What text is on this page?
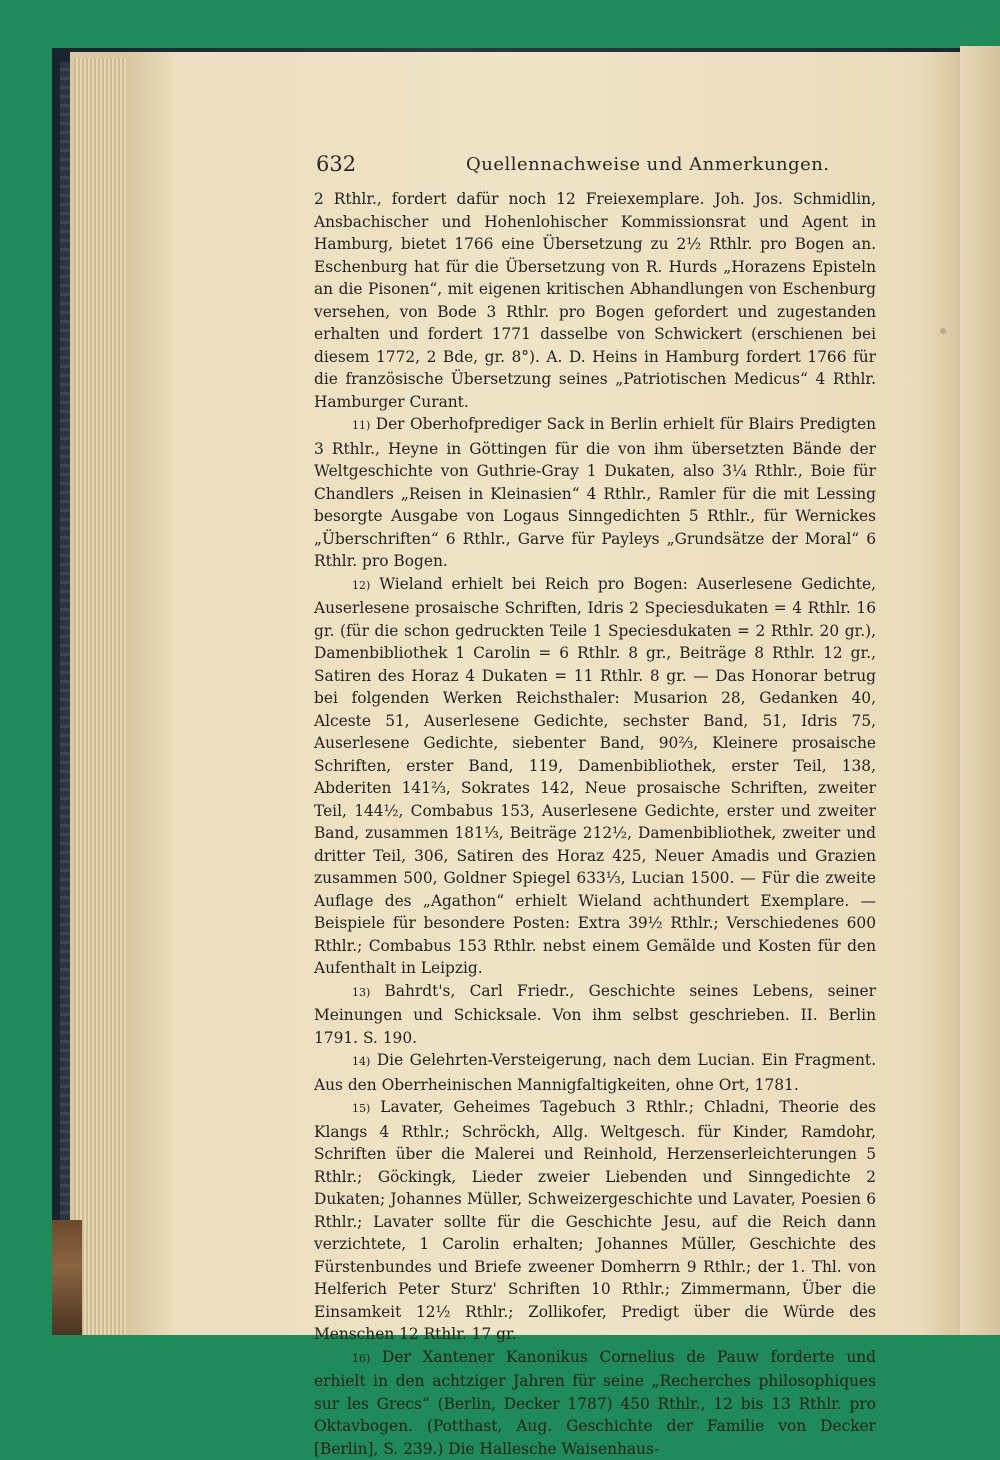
632	Quellennachweise und Anmerkungen.

2 Rthlr., fordert dafür noch 12 Freiexemplare. Joh. Jos. Schmidlin, Ansbachischer und Hohenlohischer Kommissionsrat und Agent in Hamburg, bietet 1766 eine Übersetzung zu 2½ Rthlr. pro Bogen an. Eschenburg hat für die Übersetzung von R. Hurds „Horazens Episteln an die Pisonen“, mit eigenen kritischen Abhandlungen von Eschenburg versehen, von Bode 3 Rthlr. pro Bogen gefordert und zugestanden erhalten und fordert 1771 dasselbe von Schwickert (erschienen bei diesem 1772, 2 Bde, gr. 8°). A. D. Heins in Hamburg fordert 1766 für die französische Übersetzung seines „Patriotischen Medicus“ 4 Rthlr. Hamburger Curant.

11) Der Oberhofprediger Sack in Berlin erhielt für Blairs Predigten 3 Rthlr., Heyne in Göttingen für die von ihm übersetzten Bände der Weltgeschichte von Guthrie-Gray 1 Dukaten, also 3¼ Rthlr., Boie für Chandlers „Reisen in Kleinasien“ 4 Rthlr., Ramler für die mit Lessing besorgte Ausgabe von Logaus Sinngedichten 5 Rthlr., für Wernickes „Überschriften“ 6 Rthlr., Garve für Payleys „Grundsätze der Moral“ 6 Rthlr. pro Bogen.

12) Wieland erhielt bei Reich pro Bogen: Auserlesene Gedichte, Auserlesene prosaische Schriften, Idris 2 Speciesdukaten = 4 Rthlr. 16 gr. (für die schon gedruckten Teile 1 Speciesdukaten = 2 Rthlr. 20 gr.), Damenbibliothek 1 Carolin = 6 Rthlr. 8 gr., Beiträge 8 Rthlr. 12 gr., Satiren des Horaz 4 Dukaten = 11 Rthlr. 8 gr. — Das Honorar betrug bei folgenden Werken Reichsthaler: Musarion 28, Gedanken 40, Alceste 51, Auserlesene Gedichte, sechster Band, 51, Idris 75, Auserlesene Gedichte, siebenter Band, 90⅔, Kleinere prosaische Schriften, erster Band, 119, Damenbibliothek, erster Teil, 138, Abderiten 141⅔, Sokrates 142, Neue prosaische Schriften, zweiter Teil, 144½, Combabus 153, Auserlesene Gedichte, erster und zweiter Band, zusammen 181⅓, Beiträge 212½, Damenbibliothek, zweiter und dritter Teil, 306, Satiren des Horaz 425, Neuer Amadis und Grazien zusammen 500, Goldner Spiegel 633⅓, Lucian 1500. — Für die zweite Auflage des „Agathon“ erhielt Wieland achthundert Exemplare. — Beispiele für besondere Posten: Extra 39½ Rthlr.; Verschiedenes 600 Rthlr.; Combabus 153 Rthlr. nebst einem Gemälde und Kosten für den Aufenthalt in Leipzig.

13) Bahrdt's, Carl Friedr., Geschichte seines Lebens, seiner Meinungen und Schicksale. Von ihm selbst geschrieben. II. Berlin 1791. S. 190.

14) Die Gelehrten-Versteigerung, nach dem Lucian. Ein Fragment. Aus den Oberrheinischen Mannigfaltigkeiten, ohne Ort, 1781.

15) Lavater, Geheimes Tagebuch 3 Rthlr.; Chladni, Theorie des Klangs 4 Rthlr.; Schröckh, Allg. Weltgesch. für Kinder, Ramdohr, Schriften über die Malerei und Reinhold, Herzenserleichterungen 5 Rthlr.; Göckingk, Lieder zweier Liebenden und Sinngedichte 2 Dukaten; Johannes Müller, Schweizergeschichte und Lavater, Poesien 6 Rthlr.; Lavater sollte für die Geschichte Jesu, auf die Reich dann verzichtete, 1 Carolin erhalten; Johannes Müller, Geschichte des Fürstenbundes und Briefe zweener Domherrn 9 Rthlr.; der 1. Thl. von Helferich Peter Sturz' Schriften 10 Rthlr.; Zimmermann, Über die Einsamkeit 12½ Rthlr.; Zollikofer, Predigt über die Würde des Menschen 12 Rthlr. 17 gr.

16) Der Xantener Kanonikus Cornelius de Pauw forderte und erhielt in den achtziger Jahren für seine „Recherches philosophiques sur les Grecs“ (Berlin, Decker 1787) 450 Rthlr., 12 bis 13 Rthlr. pro Oktavbogen. (Potthast, Aug. Geschichte der Familie von Decker [Berlin], S. 239.) Die Hallesche Waisenhaus-
